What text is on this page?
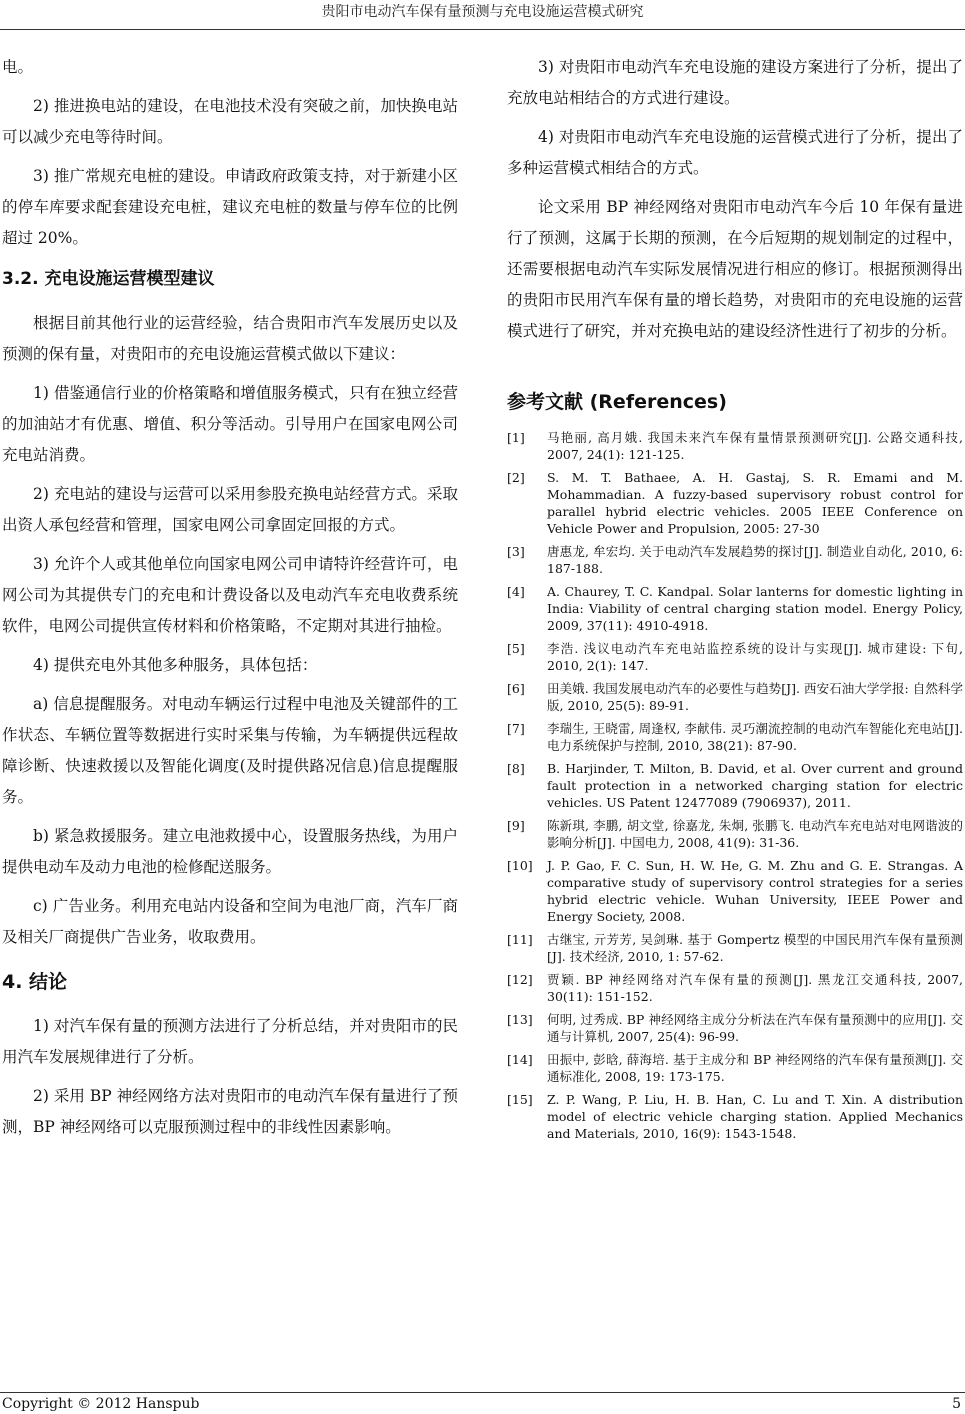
贵阳市电动汽车保有量预测与充电设施运营模式研究

电。

2) 推进换电站的建设，在电池技术没有突破之前，加快换电站可以减少充电等待时间。

3) 推广常规充电桩的建设。申请政府政策支持，对于新建小区的停车库要求配套建设充电桩，建议充电桩的数量与停车位的比例超过 20%。

3.2. 充电设施运营模型建议

根据目前其他行业的运营经验，结合贵阳市汽车发展历史以及预测的保有量，对贵阳市的充电设施运营模式做以下建议：

1) 借鉴通信行业的价格策略和增值服务模式，只有在独立经营的加油站才有优惠、增值、积分等活动。引导用户在国家电网公司充电站消费。

2) 充电站的建设与运营可以采用参股充换电站经营方式。采取出资人承包经营和管理，国家电网公司拿固定回报的方式。

3) 允许个人或其他单位向国家电网公司申请特许经营许可，电网公司为其提供专门的充电和计费设备以及电动汽车充电收费系统软件，电网公司提供宣传材料和价格策略，不定期对其进行抽检。

4) 提供充电外其他多种服务，具体包括：

a) 信息提醒服务。对电动车辆运行过程中电池及关键部件的工作状态、车辆位置等数据进行实时采集与传输，为车辆提供远程故障诊断、快速救援以及智能化调度(及时提供路况信息)信息提醒服务。

b) 紧急救援服务。建立电池救援中心，设置服务热线，为用户提供电动车及动力电池的检修配送服务。

c) 广告业务。利用充电站内设备和空间为电池厂商，汽车厂商及相关厂商提供广告业务，收取费用。

4. 结论

1) 对汽车保有量的预测方法进行了分析总结，并对贵阳市的民用汽车发展规律进行了分析。

2) 采用 BP 神经网络方法对贵阳市的电动汽车保有量进行了预测，BP 神经网络可以克服预测过程中的非线性因素影响。

3) 对贵阳市电动汽车充电设施的建设方案进行了分析，提出了充放电站相结合的方式进行建设。

4) 对贵阳市电动汽车充电设施的运营模式进行了分析，提出了多种运营模式相结合的方式。

论文采用 BP 神经网络对贵阳市电动汽车今后 10 年保有量进行了预测，这属于长期的预测，在今后短期的规划制定的过程中，还需要根据电动汽车实际发展情况进行相应的修订。根据预测得出的贵阳市民用汽车保有量的增长趋势，对贵阳市的充电设施的运营模式进行了研究，并对充换电站的建设经济性进行了初步的分析。

参考文献 (References)
[1]	马艳丽, 高月娥. 我国未来汽车保有量情景预测研究[J]. 公路交通科技, 2007, 24(1): 121-125.
[2]	S. M. T. Bathaee, A. H. Gastaj, S. R. Emami and M. Mohammadian. A fuzzy-based supervisory robust control for parallel hybrid electric vehicles. 2005 IEEE Conference on Vehicle Power and Propulsion, 2005: 27-30
[3]	唐惠龙, 牟宏均. 关于电动汽车发展趋势的探讨[J]. 制造业自动化, 2010, 6: 187-188.
[4]	A. Chaurey, T. C. Kandpal. Solar lanterns for domestic lighting in India: Viability of central charging station model. Energy Policy, 2009, 37(11): 4910-4918.
[5]	李浩. 浅议电动汽车充电站监控系统的设计与实现[J]. 城市建设: 下旬, 2010, 2(1): 147.
[6]	田美娥. 我国发展电动汽车的必要性与趋势[J]. 西安石油大学学报: 自然科学版, 2010, 25(5): 89-91.
[7]	李瑞生, 王晓雷, 周逢权, 李献伟. 灵巧潮流控制的电动汽车智能化充电站[J]. 电力系统保护与控制, 2010, 38(21): 87-90.
[8]	B. Harjinder, T. Milton, B. David, et al. Over current and ground fault protection in a networked charging station for electric vehicles. US Patent 12477089 (7906937), 2011.
[9]	陈新琪, 李鹏, 胡文堂, 徐嘉龙, 朱炯, 张鹏飞. 电动汽车充电站对电网谐波的影响分析[J]. 中国电力, 2008, 41(9): 31-36.
[10]	J. P. Gao, F. C. Sun, H. W. He, G. M. Zhu and G. E. Strangas. A comparative study of supervisory control strategies for a series hybrid electric vehicle. Wuhan University, IEEE Power and Energy Society, 2008.
[11]	古继宝, 亓芳芳, 吴剑琳. 基于 Gompertz 模型的中国民用汽车保有量预测[J]. 技术经济, 2010, 1: 57-62.
[12]	贾颖. BP 神经网络对汽车保有量的预测[J]. 黑龙江交通科技, 2007, 30(11): 151-152.
[13]	何明, 过秀成. BP 神经网络主成分分析法在汽车保有量预测中的应用[J]. 交通与计算机, 2007, 25(4): 96-99.
[14]	田振中, 彭晗, 薛海培. 基于主成分和 BP 神经网络的汽车保有量预测[J]. 交通标准化, 2008, 19: 173-175.
[15]	Z. P. Wang, P. Liu, H. B. Han, C. Lu and T. Xin. A distribution model of electric vehicle charging station. Applied Mechanics and Materials, 2010, 16(9): 1543-1548.
Copyright © 2012 Hanspub	5
